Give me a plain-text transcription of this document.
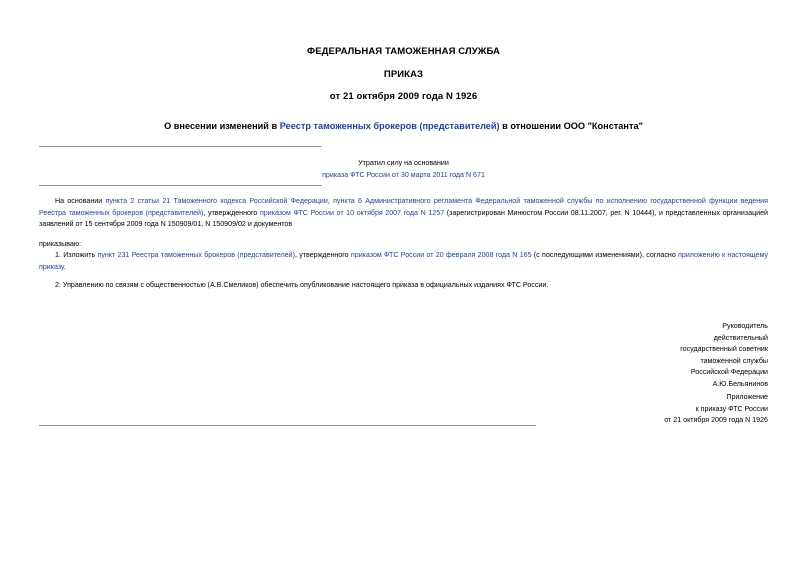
ФЕДЕРАЛЬНАЯ ТАМОЖЕННАЯ СЛУЖБА
ПРИКАЗ
от 21 октября 2009 года N 1926
О внесении изменений в Реестр таможенных брокеров (представителей) в отношении ООО "Константа"
Утратил силу на основании
приказа ФТС России от 30 марта 2011 года N 671
На основании пункта 2 статьи 21 Таможенного кодекса Российской Федерации, пункта 6 Административного регламента Федеральной таможенной службы по исполнению государственной функции ведения Реестра таможенных брокеров (представителей), утвержденного приказом ФТС России от 10 октября 2007 года N 1257 (зарегистрирован Минюстом России 08.11.2007, рег. N 10444), и представленных организацией заявлений от 15 сентября 2009 года N 150909/01, N 150909/02 и документов
приказываю:
1. Изложить пункт 231 Реестра таможенных брокеров (представителей), утвержденного приказом ФТС России от 20 февраля 2008 года N 165 (с последующими изменениями), согласно приложению к настоящему приказу.
2. Управлению по связям с общественностью (А.В.Смеликов) обеспечить опубликование настоящего приказа в официальных изданиях ФТС России.
Руководитель
действительный
государственный советник
таможенной службы
Российской Федерации
А.Ю.Бельянинов
Приложение
к приказу ФТС России
от 21 октября 2009 года N 1926
